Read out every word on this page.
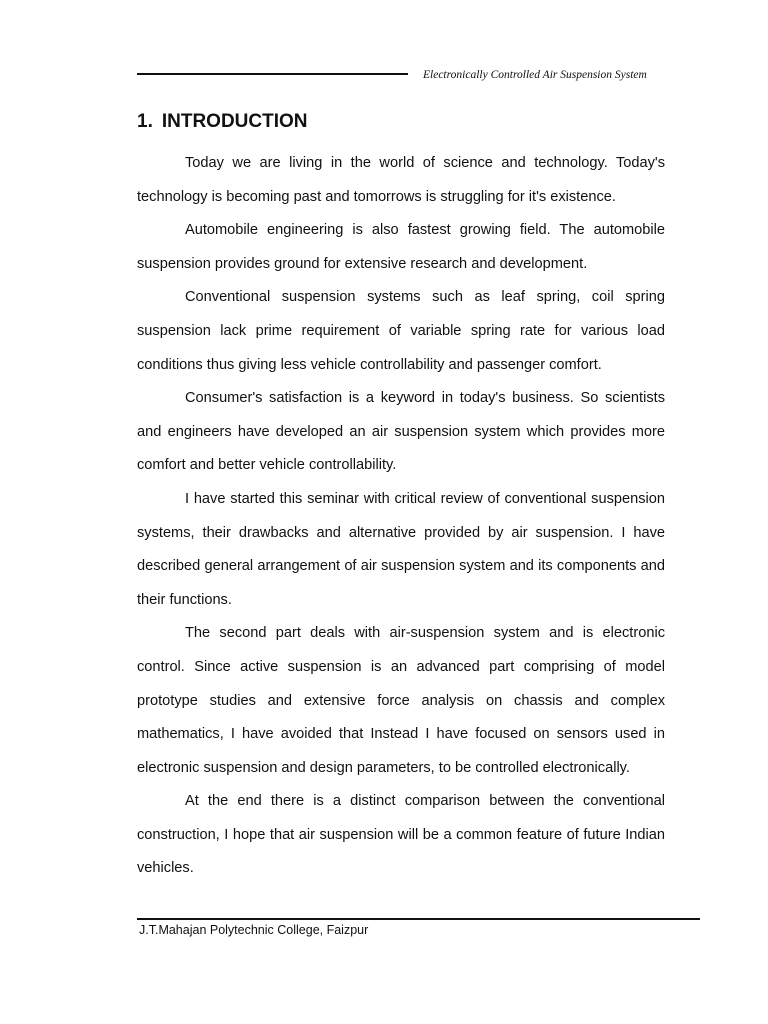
Electronically Controlled Air Suspension System
1. INTRODUCTION

Today we are living in the world of science and technology. Today's technology is becoming past and tomorrows is struggling for it's existence.

Automobile engineering is also fastest growing field. The automobile suspension provides ground for extensive research and development.

Conventional suspension systems such as leaf spring, coil spring suspension lack prime requirement of variable spring rate for various load conditions thus giving less vehicle controllability and passenger comfort.

Consumer's satisfaction is a keyword in today's business. So scientists and engineers have developed an air suspension system which provides more comfort and better vehicle controllability.

I have started this seminar with critical review of conventional suspension systems, their drawbacks and alternative provided by air suspension. I have described general arrangement of air suspension system and its components and their functions.

The second part deals with air-suspension system and is electronic control. Since active suspension is an advanced part comprising of model prototype studies and extensive force analysis on chassis and complex mathematics, I have avoided that Instead I have focused on sensors used in electronic suspension and design parameters, to be controlled electronically.

At the end there is a distinct comparison between the conventional construction, I hope that air suspension will be a common feature of future Indian vehicles.

J.T.Mahajan Polytechnic College, Faizpur
